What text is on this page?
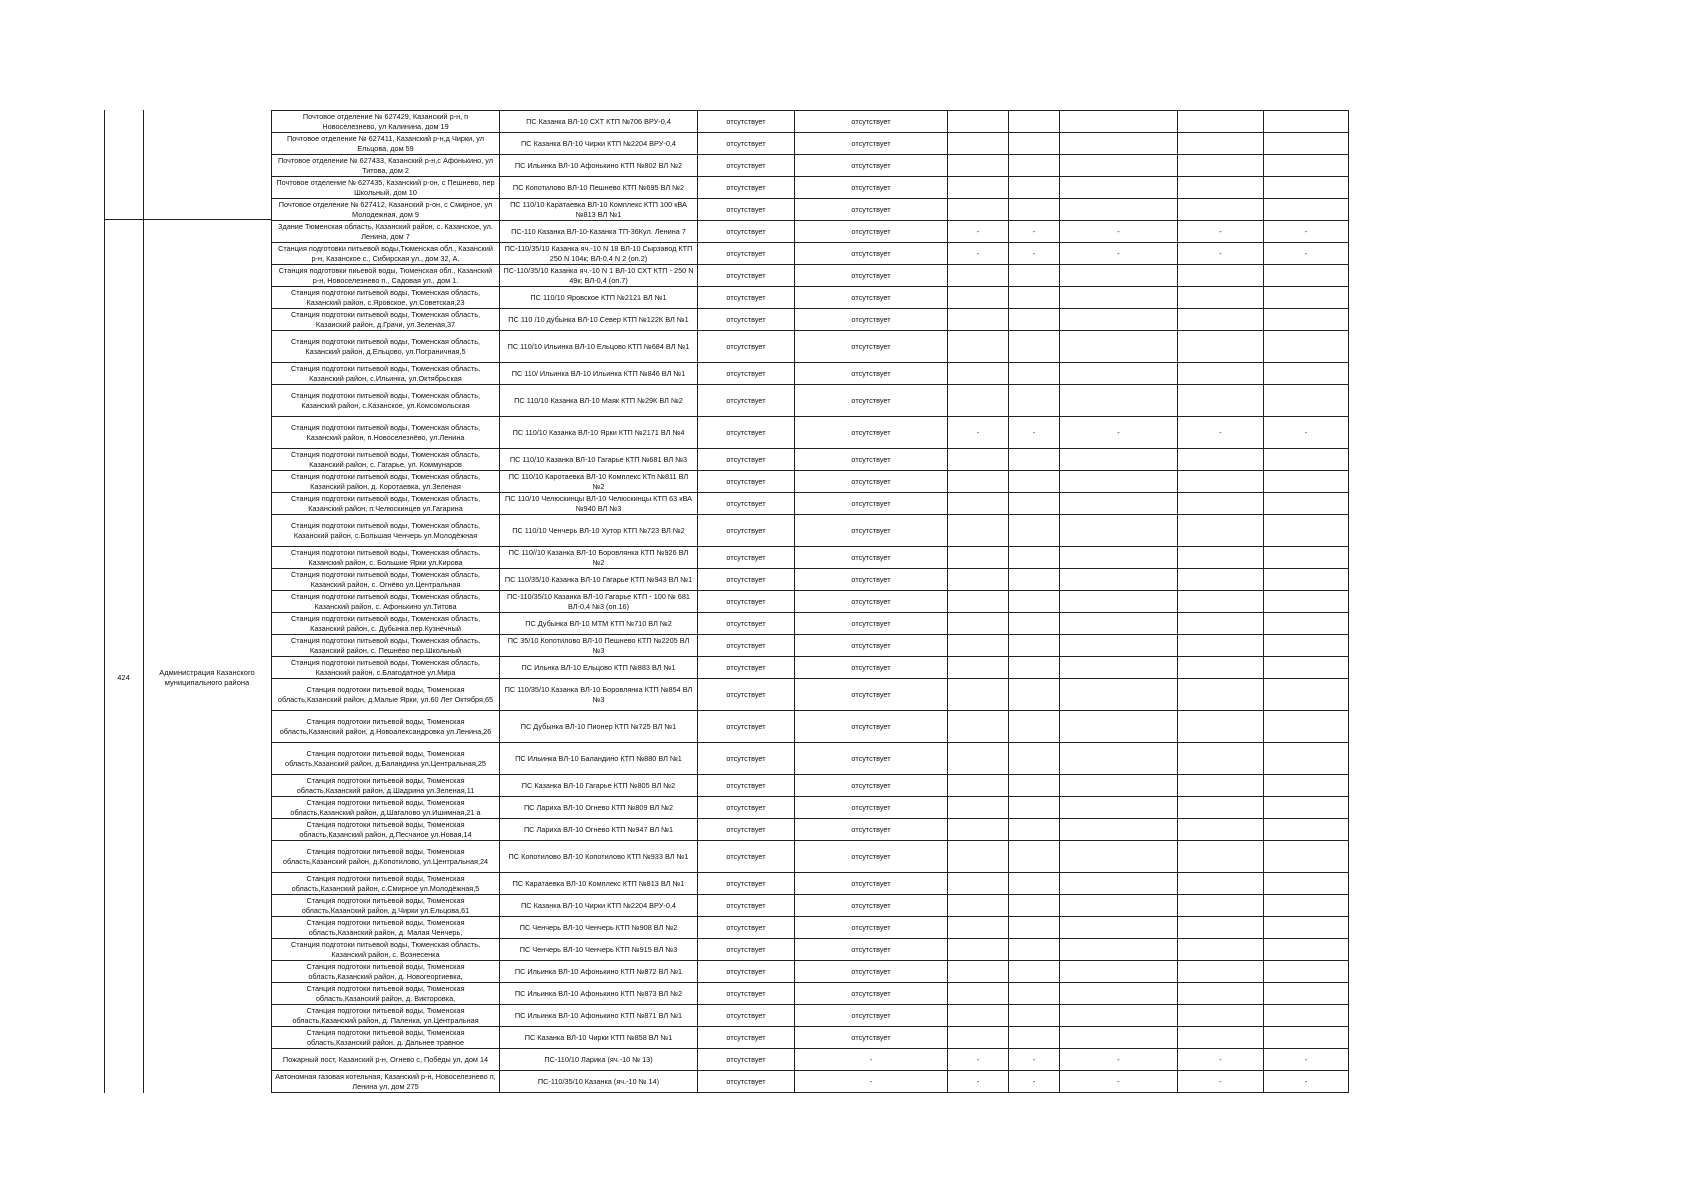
424
Администрация Казанского муниципального района
Почтовое отделение № 627429, Казанский р-н, п Новоселезнево, ул Калинина, дом 19	ПС Казанка ВЛ-10 СХТ КТП №706 ВРУ-0,4	отсутствует	отсутствует					
Почтовое отделение № 627411, Казанский р-н,д Чирки, ул Ельцова, дом 59	ПС Казанка ВЛ-10 Чирки КТП №2204 ВРУ-0,4	отсутствует	отсутствует					
Почтовое отделение № 627433, Казанский р-н,с Афонькино, ул Титова, дом 2	ПС Ильинка ВЛ-10 Афонькино КТП №802 ВЛ №2	отсутствует	отсутствует					
Почтовое отделение № 627435, Казанский р-он, с Пешнево, пер Школьный, дом 10	ПС Копотилово ВЛ-10 Пешнево КТП №695 ВЛ №2	отсутствует	отсутствует					
Почтовое отделение № 627412, Казанский р-он, с Смирное, ул Молодежная, дом 9	ПС 110/10 Каратаевка ВЛ-10 Комплекс КТП 100 кВА №813 ВЛ №1	отсутствует	отсутствует					
Здание Тюменская область, Казанский район, с. Казанское, ул. Ленина, дом 7	ПС-110 Казанка ВЛ-10-Казанка ТП-36Кул. Ленина 7	отсутствует	отсутствует	-	-	-	-	-
Станция подготовки питьевой воды,Тюменская обл., Казанский р-н, Казанское с., Сибирская ул., дом 32, А.	ПС-110/35/10 Казанка яч.-10 N 18 ВЛ-10 Сырзавод КТП 250 N 104к; ВЛ-0,4 N 2 (оп.2)	отсутствует	отсутствует	-	-	-	-	-
Станция подготовки пиьевой воды, Тюменская обл., Казанский р-н, Новоселезнево п., Садовая ул., дом 1.	ПС-110/35/10 Казанка яч.-10 N 1 ВЛ-10 СХТ КТП - 250 N 49к; ВЛ-0,4 (оп.7)	отсутствует	отсутствует					
Станция подготоки питьевой воды, Тюменская область, Казанский район, с.Яровское, ул.Советская,23	ПС 110/10 Яровское КТП №2121 ВЛ №1	отсутствует	отсутствует					
Станция подготоки питьевой воды, Тюменская область, Казанский район, д.Грачи, ул.Зеленая,37	ПС 110 /10 дубынка ВЛ-10 Север КТП №122К ВЛ №1	отсутствует	отсутствует					
Станция подготоки питьевой воды, Тюменская область, Казанский район, д.Ельцово, ул.Пограничная,5	ПС 110/10 Ильинка ВЛ-10 Ельцово КТП №684 ВЛ №1	отсутствует	отсутствует					
Станция подготоки питьевой воды, Тюменская область, Казанский район, с.Ильинка, ул.Октябрьская	ПС 110/ Ильинка ВЛ-10 Ильинка КТП №846 ВЛ №1	отсутствует	отсутствует					
Станция подготоки питьевой воды, Тюменская область, Казанский район, с.Казанское, ул.Комсомольская	ПС 110/10 Казанка ВЛ-10 Маяк КТП №29К ВЛ №2	отсутствует	отсутствует					
Станция подготоки питьевой воды, Тюменская область, Казанский район, п.Новоселезнёво, ул.Ленина	ПС 110/10 Казанка ВЛ-10 Ярки КТП №2171 ВЛ №4	отсутствует	отсутствует	-	-	-	-	-
Станция подготоки питьевой воды, Тюменская область, Казанский район, с. Гагарье, ул. Коммунаров	ПС 110/10 Казанка ВЛ-10 Гагарье КТП №681 ВЛ №3	отсутствует	отсутствует					
Станция подготоки питьевой воды, Тюменская область, Казанский район, д. Коротаевка, ул.Зеленая	ПС 110/10 Каротаевка ВЛ-10 Комплекс КТп №811 ВЛ №2	отсутствует	отсутствует					
Станция подготоки питьевой воды, Тюменская область, Казанский район, п.Челюскинцев ул.Гагарина	ПС 110/10 Челюскинцы ВЛ-10 Челюскинцы КТП 63 кВА №940 ВЛ №3	отсутствует	отсутствует					
Станция подготоки питьевой воды, Тюменская область, Казанский район, с.Большая Ченчерь ул.Молодёжная	ПС 110/10 Ченчерь ВЛ-10 Хутор КТП №723 ВЛ №2	отсутствует	отсутствует					
Станция подготоки питьевой воды, Тюменская область, Казанский район, с. Большие Ярки ул.Кирова	ПС 110//10 Казанка ВЛ-10 Боровлянка КТП №926 ВЛ №2	отсутствует	отсутствует					
Станция подготоки питьевой воды, Тюменская область, Казанский район, с. Огнёво ул.Центральная	ПС 110/35/10 Казанка ВЛ-10 Гагарье КТП №943 ВЛ №1	отсутствует	отсутствует					
Станция подготоки питьевой воды, Тюменская область, Казанский район, с. Афонькино ул.Титова	ПС-110/35/10 Казанка ВЛ-10 Гагарье КТП - 100 № 681 ВЛ-0,4 №3 (оп.16)	отсутствует	отсутствует					
Станция подготоки питьевой воды, Тюменская область, Казанский район, с. Дубынка пер.Кузнечный	ПС Дубынка ВЛ-10 МТМ КТП №710 ВЛ №2	отсутствует	отсутствует					
Станция подготоки питьевой воды, Тюменская область, Казанский район, с. Пешнёво пер.Школьный	ПС 35/10 Копотилово ВЛ-10 Пешнево КТП №2205 ВЛ №3	отсутствует	отсутствует					
Станция подготоки питьевой воды, Тюменская область, Казанский район, с.Благодатное ул.Мира	ПС Ильнка ВЛ-10 Ельцово КТП №883 ВЛ №1	отсутствует	отсутствует					
Станция подготоки питьевой воды, Тюменская область,Казанский район, д.Малые Ярки, ул.60 Лет Октября,65	ПС 110/35/10 Казанка ВЛ-10 Боровлянка КТП №854 ВЛ №3	отсутствует	отсутствует					
Станция подготоки питьевой воды, Тюменская область,Казанский район, д.Новоалександровка ул.Ленина,26	ПС Дубынка ВЛ-10 Пионер КТП №725 ВЛ №1	отсутствует	отсутствует					
Станция подготоки питьевой воды, Тюменская область,Казанский район, д.Баландина ул.Центральная,25	ПС Ильинка ВЛ-10 Баландино КТП №880 ВЛ №1	отсутствует	отсутствует					
Станция подготоки питьевой воды, Тюменская область,Казанский район, д.Шадрина ул.Зеленая,11	ПС Казанка ВЛ-10 Гагарье КТП №805 ВЛ №2	отсутствует	отсутствует					
Станция подготоки питьевой воды, Тюменская область,Казанский район, д.Шагалово ул.Ишимная,21 а	ПС Лариха ВЛ-10 Огнево КТП №809 ВЛ №2	отсутствует	отсутствует					
Станция подготоки питьевой воды, Тюменская область,Казанский район, д.Песчаное ул.Новая,14	ПС Лариха ВЛ-10 Огнево КТП №947 ВЛ №1	отсутствует	отсутствует					
Станция подготоки питьевой воды, Тюменская область,Казанский район, д.Копотилово, ул.Центральная,24	ПС Копотилово ВЛ-10 Копотилово КТП №933 ВЛ №1	отсутствует	отсутствует					
Станция подготоки питьевой воды, Тюменская область,Казанский район, с.Смирное ул.Молодёжная,5	ПС Каратаевка ВЛ-10 Комплекс КТП №813 ВЛ №1	отсутствует	отсутствует					
Станция подготоки питьевой воды, Тюменская область,Казанский район, д.Чирки ул.Ельцова,61	ПС Казанка ВЛ-10 Чирки КТП №2204 ВРУ-0,4	отсутствует	отсутствует					
Станция подготоки питьевой воды, Тюменская область,Казанский район, д. Малая Ченчерь,	ПС Ченчерь ВЛ-10 Ченчерь КТП №908 ВЛ №2	отсутствует	отсутствует					
Станция подготоки питьевой воды, Тюменская область, Казанский район, с. Вознесенка	ПС Ченчерь ВЛ-10 Ченчерь КТП №915 ВЛ №3	отсутствует	отсутствует					
Станция подготоки питьевой воды, Тюменская область,Казанский район, д. Новогеоргиевка,	ПС Ильинка ВЛ-10 Афонькино КТП №872 ВЛ №1	отсутствует	отсутствует					
Станция подготоки питьевой воды, Тюменская область,Казанский район, д. Викторовка,	ПС Ильинка ВЛ-10 Афонькино КТП №873 ВЛ №2	отсутствует	отсутствует					
Станция подготоки питьевой воды, Тюменская область,Казанский район, д. Паленка, ул.Центральная	ПС Ильинка ВЛ-10 Афонькино КТП №871 ВЛ №1	отсутствует	отсутствует					
Станция подготоки питьевой воды, Тюменская область,Казанский район, д. Дальнее травное	ПС Казанка ВЛ-10 Чирки КТП №858 ВЛ №1	отсутствует	отсутствует					
Пожарный пост, Казанский р-н, Огнево с, Победы ул, дом 14	ПС-110/10 Ларика (яч.-10 № 13)	отсутствует	-	-	-	-	-	-
Автономная газовая котельная, Казанский р-н, Новоселезнево п, Ленина ул, дом 275	ПС-110/35/10 Казанка (яч.-10 № 14)	отсутствует	-	-	-	-	-	-
